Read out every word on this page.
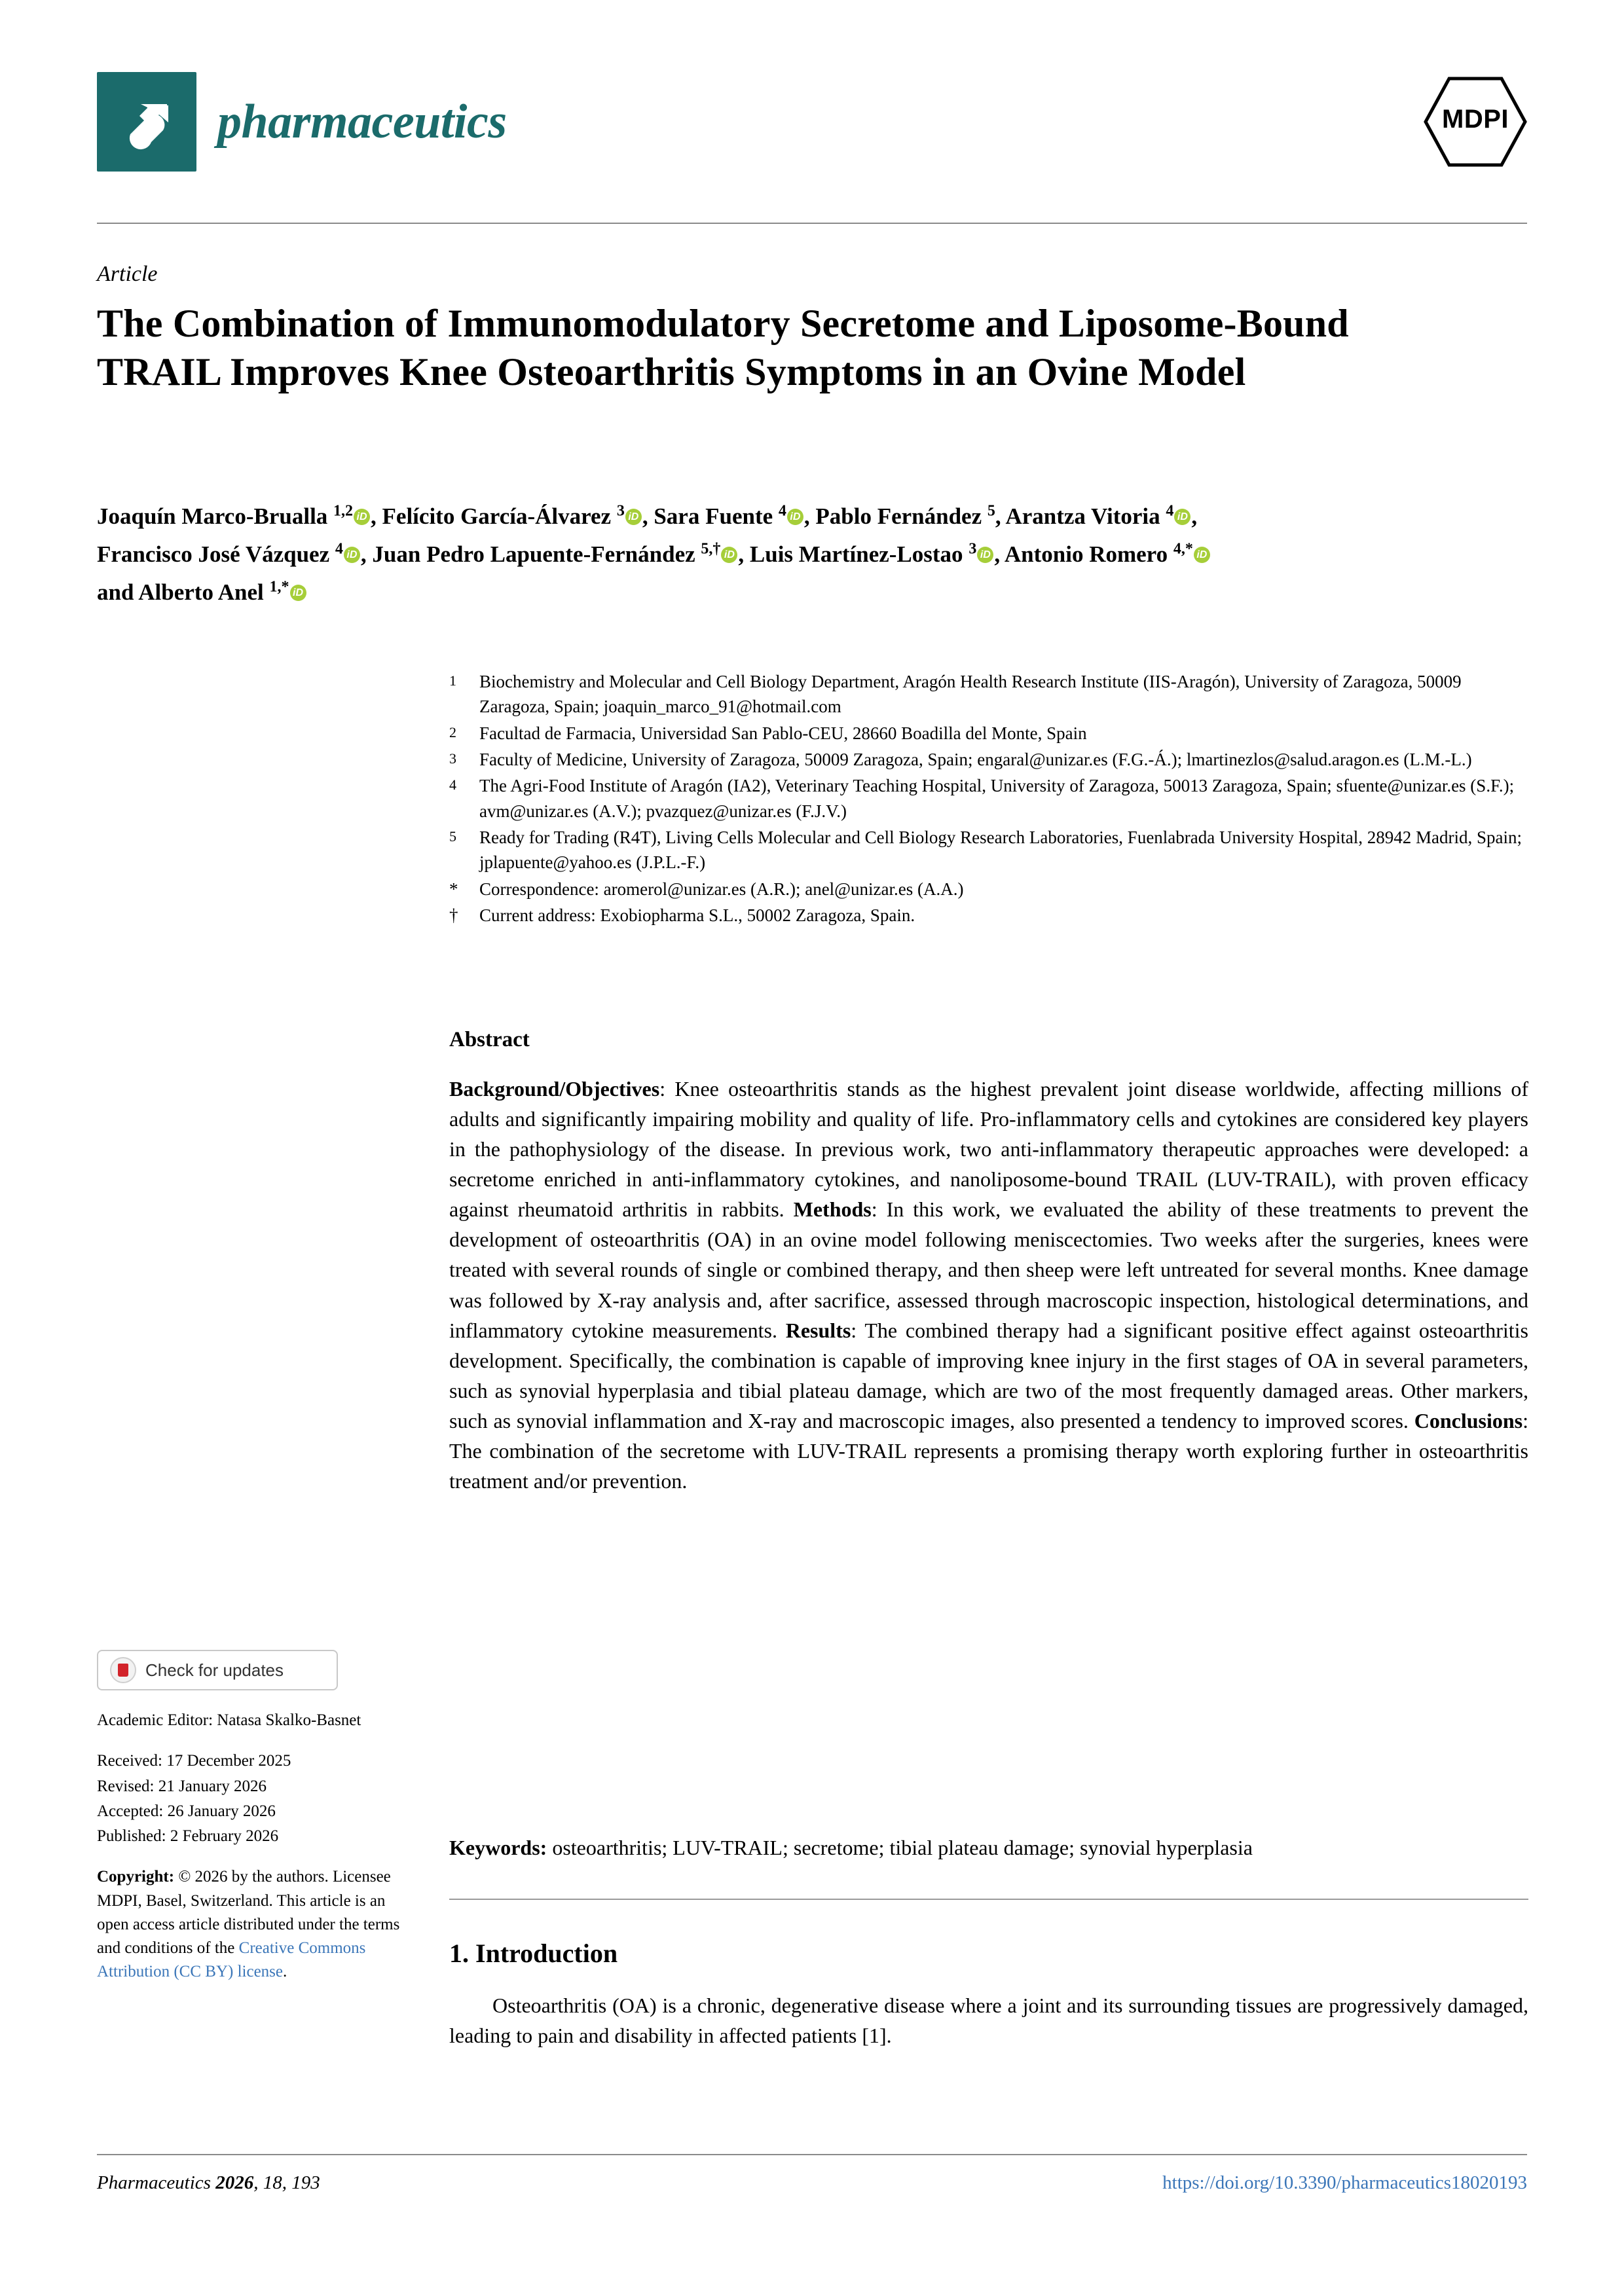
pharmaceutics	MDPI
Article
The Combination of Immunomodulatory Secretome and Liposome-Bound TRAIL Improves Knee Osteoarthritis Symptoms in an Ovine Model
Joaquín Marco-Brualla $^{1,2}$ iD , Felícito García-Álvarez $^3$ iD , Sara Fuente $^4$ iD , Pablo Fernández $^5$, Arantza Vitoria $^4$ iD ,
Francisco José Vázquez $^4$ iD , Juan Pedro Lapuente-Fernández $^{5,\dagger}$ iD , Luis Martínez-Lostao $^3$ iD , Antonio Romero $^{4,*}$ iD
and Alberto Anel $^{1,*}$ iD
1	Biochemistry and Molecular and Cell Biology Department, Aragón Health Research Institute (IIS-Aragón), University of Zaragoza, 50009 Zaragoza, Spain; joaquin_marco_91@hotmail.com
2	Facultad de Farmacia, Universidad San Pablo-CEU, 28660 Boadilla del Monte, Spain
3	Faculty of Medicine, University of Zaragoza, 50009 Zaragoza, Spain; engaral@unizar.es (F.G.-Á.); lmartinezlos@salud.aragon.es (L.M.-L.)
4	The Agri-Food Institute of Aragón (IA2), Veterinary Teaching Hospital, University of Zaragoza, 50013 Zaragoza, Spain; sfuente@unizar.es (S.F.); avm@unizar.es (A.V.); pvazquez@unizar.es (F.J.V.)
5	Ready for Trading (R4T), Living Cells Molecular and Cell Biology Research Laboratories, Fuenlabrada University Hospital, 28942 Madrid, Spain; jplapuente@yahoo.es (J.P.L.-F.)
*	Correspondence: aromerol@unizar.es (A.R.); anel@unizar.es (A.A.)
†	Current address: Exobiopharma S.L., 50002 Zaragoza, Spain.
Abstract
Background/Objectives: Knee osteoarthritis stands as the highest prevalent joint disease worldwide, affecting millions of adults and significantly impairing mobility and quality of life. Pro-inflammatory cells and cytokines are considered key players in the pathophysiology of the disease. In previous work, two anti-inflammatory therapeutic approaches were developed: a secretome enriched in anti-inflammatory cytokines, and nanoliposome-bound TRAIL (LUV-TRAIL), with proven efficacy against rheumatoid arthritis in rabbits. Methods: In this work, we evaluated the ability of these treatments to prevent the development of osteoarthritis (OA) in an ovine model following meniscectomies. Two weeks after the surgeries, knees were treated with several rounds of single or combined therapy, and then sheep were left untreated for several months. Knee damage was followed by X-ray analysis and, after sacrifice, assessed through macroscopic inspection, histological determinations, and inflammatory cytokine measurements. Results: The combined therapy had a significant positive effect against osteoarthritis development. Specifically, the combination is capable of improving knee injury in the first stages of OA in several parameters, such as synovial hyperplasia and tibial plateau damage, which are two of the most frequently damaged areas. Other markers, such as synovial inflammation and X-ray and macroscopic images, also presented a tendency to improved scores. Conclusions: The combination of the secretome with LUV-TRAIL represents a promising therapy worth exploring further in osteoarthritis treatment and/or prevention.
Keywords: osteoarthritis; LUV-TRAIL; secretome; tibial plateau damage; synovial hyperplasia
1. Introduction
Osteoarthritis (OA) is a chronic, degenerative disease where a joint and its surrounding tissues are progressively damaged, leading to pain and disability in affected patients [1].
Check for updates
Academic Editor: Natasa Skalko-Basnet
Received: 17 December 2025
Revised: 21 January 2026
Accepted: 26 January 2026
Published: 2 February 2026
Copyright: © 2026 by the authors. Licensee MDPI, Basel, Switzerland. This article is an open access article distributed under the terms and conditions of the Creative Commons Attribution (CC BY) license.
Pharmaceutics 2026, 18, 193	https://doi.org/10.3390/pharmaceutics18020193
